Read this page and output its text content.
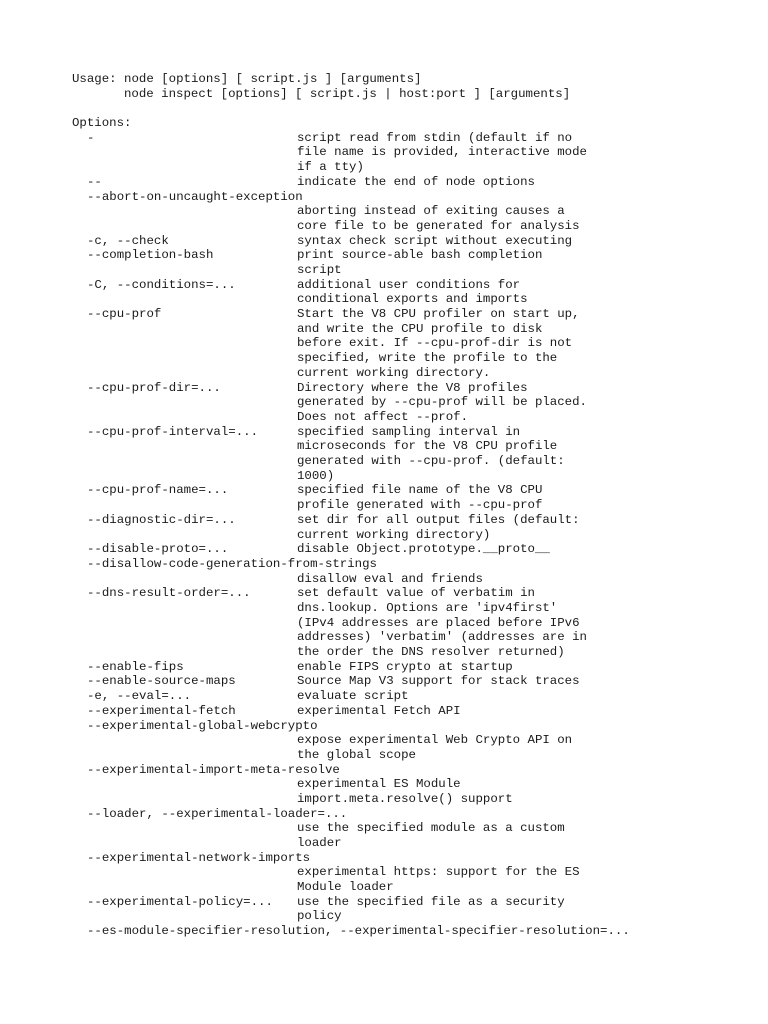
Usage: node [options] [ script.js ] [arguments]
node inspect [options] [ script.js | host:port ] [arguments]
Options:
-	script read from stdin (default if no
file name is provided, interactive mode
if a tty)
--	indicate the end of node options
--abort-on-uncaught-exception
aborting instead of exiting causes a
core file to be generated for analysis
-c, --check	syntax check script without executing
--completion-bash	print source-able bash completion
script
-C, --conditions=...	additional user conditions for
conditional exports and imports
--cpu-prof	Start the V8 CPU profiler on start up,
and write the CPU profile to disk
before exit. If --cpu-prof-dir is not
specified, write the profile to the
current working directory.
--cpu-prof-dir=...	Directory where the V8 profiles
generated by --cpu-prof will be placed.
Does not affect --prof.
--cpu-prof-interval=...	specified sampling interval in
microseconds for the V8 CPU profile
generated with --cpu-prof. (default:
1000)
--cpu-prof-name=...	specified file name of the V8 CPU
profile generated with --cpu-prof
--diagnostic-dir=...	set dir for all output files (default:
current working directory)
--disable-proto=...	disable Object.prototype.__proto__
--disallow-code-generation-from-strings
disallow eval and friends
--dns-result-order=...	set default value of verbatim in
dns.lookup. Options are 'ipv4first'
(IPv4 addresses are placed before IPv6
addresses) 'verbatim' (addresses are in
the order the DNS resolver returned)
--enable-fips	enable FIPS crypto at startup
--enable-source-maps	Source Map V3 support for stack traces
-e, --eval=...	evaluate script
--experimental-fetch	experimental Fetch API
--experimental-global-webcrypto
expose experimental Web Crypto API on
the global scope
--experimental-import-meta-resolve
experimental ES Module
import.meta.resolve() support
--loader, --experimental-loader=...
use the specified module as a custom
loader
--experimental-network-imports
experimental https: support for the ES
Module loader
--experimental-policy=...	use the specified file as a security
policy
--es-module-specifier-resolution, --experimental-specifier-resolution=...
